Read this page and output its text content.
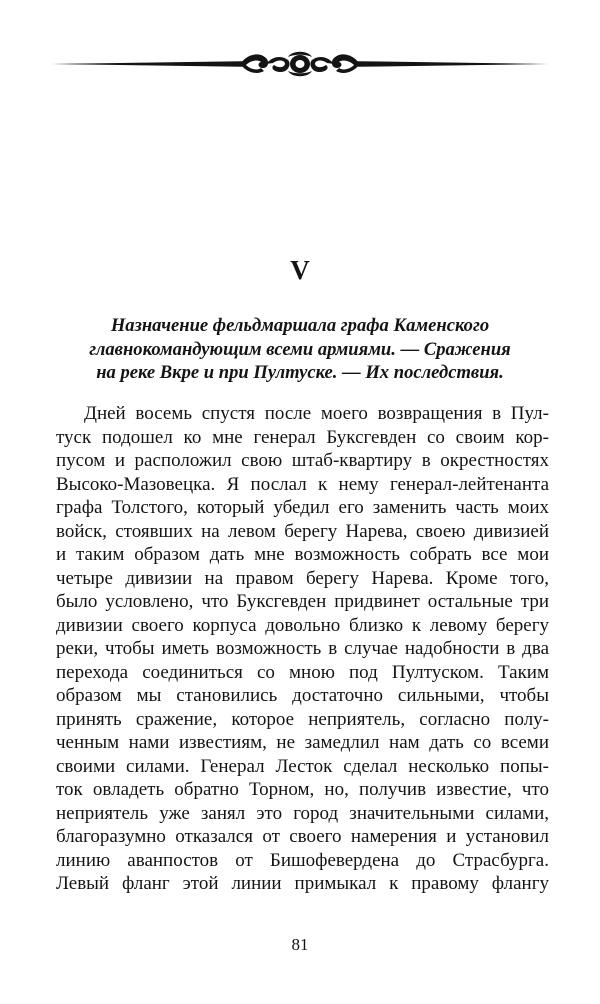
V
Назначение фельдмаршала графа Каменского
главнокомандующим всеми армиями. — Сражения
на реке Вкре и при Пултуске. — Их последствия.
Дней восемь спустя после моего возвращения в Пул-
туск подошел ко мне генерал Буксгевден со своим кор-
пусом и расположил свою штаб-квартиру в окрестностях
Высоко-Мазовецка. Я послал к нему генерал-лейтенанта
графа Толстого, который убедил его заменить часть моих
войск, стоявших на левом берегу Нарева, своею дивизией
и таким образом дать мне возможность собрать все мои
четыре дивизии на правом берегу Нарева. Кроме того,
было условлено, что Буксгевден придвинет остальные три
дивизии своего корпуса довольно близко к левому берегу
реки, чтобы иметь возможность в случае надобности в два
перехода соединиться со мною под Пултуском. Таким
образом мы становились достаточно сильными, чтобы
принять сражение, которое неприятель, согласно полу-
ченным нами известиям, не замедлил нам дать со всеми
своими силами. Генерал Лесток сделал несколько попы-
ток овладеть обратно Торном, но, получив известие, что
неприятель уже занял это город значительными силами,
благоразумно отказался от своего намерения и установил
линию аванпостов от Бишофевердена до Страсбурга.
Левый фланг этой линии примыкал к правому флангу
81
